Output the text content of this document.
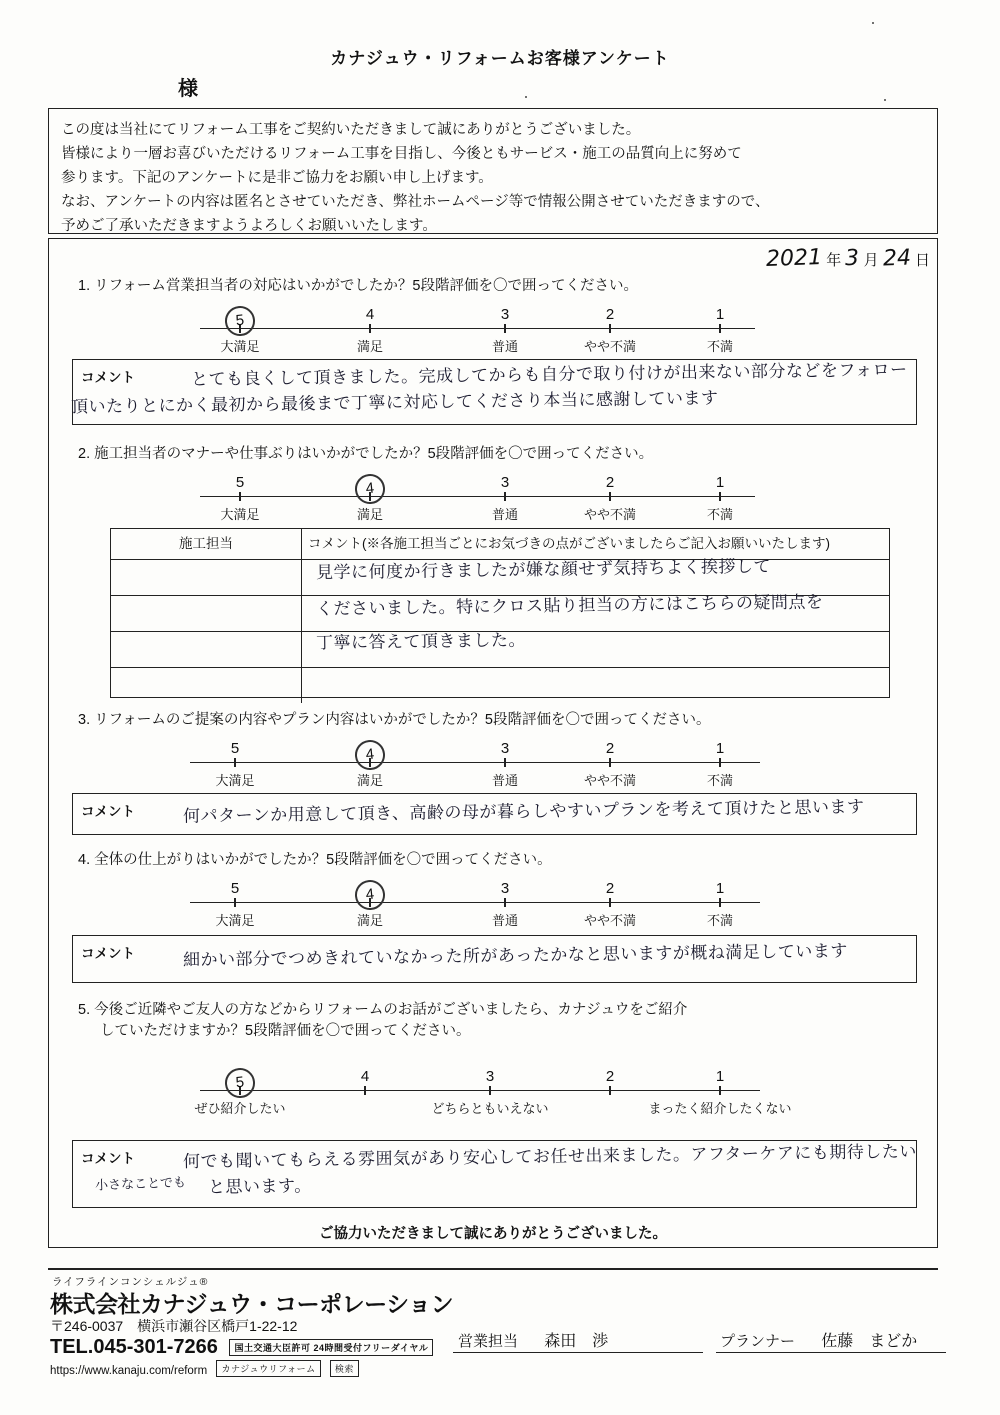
カナジュウ・リフォームお客様アンケート
様

この度は当社にてリフォーム工事をご契約いただきまして誠にありがとうございました。

皆様により一層お喜びいただけるリフォーム工事を目指し、今後ともサービス・施工の品質向上に努めて

参ります。下記のアンケートに是非ご協力をお願い申し上げます。

なお、アンケートの内容は匿名とさせていただき、弊社ホームページ等で情報公開させていただきますので、

予めご了承いただきますようよろしくお願いいたします。

2021 年 3 月 24 日
1. リフォーム営業担当者の対応はいかがでしたか？5段階評価を〇で囲ってください。
5
大満足
4
満足
3
普通
2
やや不満
1
不満
コメント	とても良くして頂きました。完成してからも自分で取り付けが出来ない部分などをフォロー
頂いたりとにかく最初から最後まで丁寧に対応してくださり本当に感謝しています
2. 施工担当者のマナーや仕事ぶりはいかがでしたか？5段階評価を〇で囲ってください。
5
大満足
4
満足
3
普通
2
やや不満
1
不満
施工担当	コメント(※各施工担当ごとにお気づきの点がございましたらご記入お願いいたします)
見学に何度か行きましたが嫌な顔せず気持ちよく挨拶して
くださいました。特にクロス貼り担当の方にはこちらの疑問点を
丁寧に答えて頂きました。
3. リフォームのご提案の内容やプラン内容はいかがでしたか？5段階評価を〇で囲ってください。
5
大満足
4
満足
3
普通
2
やや不満
1
不満
コメント	何パターンか用意して頂き、高齢の母が暮らしやすいプランを考えて頂けたと思います
4. 全体の仕上がりはいかがでしたか？5段階評価を〇で囲ってください。
5
大満足
4
満足
3
普通
2
やや不満
1
不満
コメント	細かい部分でつめきれていなかった所があったかなと思いますが概ね満足しています
5. 今後ご近隣やご友人の方などからリフォームのお話がございましたら、カナジュウをご紹介
していただけますか？5段階評価を〇で囲ってください。
5
ぜひ紹介したい
4	3
どちらともいえない
2	1
まったく紹介したくない
コメント	何でも聞いてもらえる雰囲気があり安心してお任せ出来ました。アフターケアにも期待したい
と思います。
小さなことでも
ご協力いただきまして誠にありがとうございました。
ライフラインコンシェルジュ®
株式会社カナジュウ・コーポレーション
〒246-0037　横浜市瀬谷区橋戸1-22-12
TEL.045-301-7266 国土交通大臣許可 24時間受付フリーダイヤル
https://www.kanaju.com/reform カナジュウリフォーム 検索
営業担当 森田　渉	プランナー 佐藤　まどか
